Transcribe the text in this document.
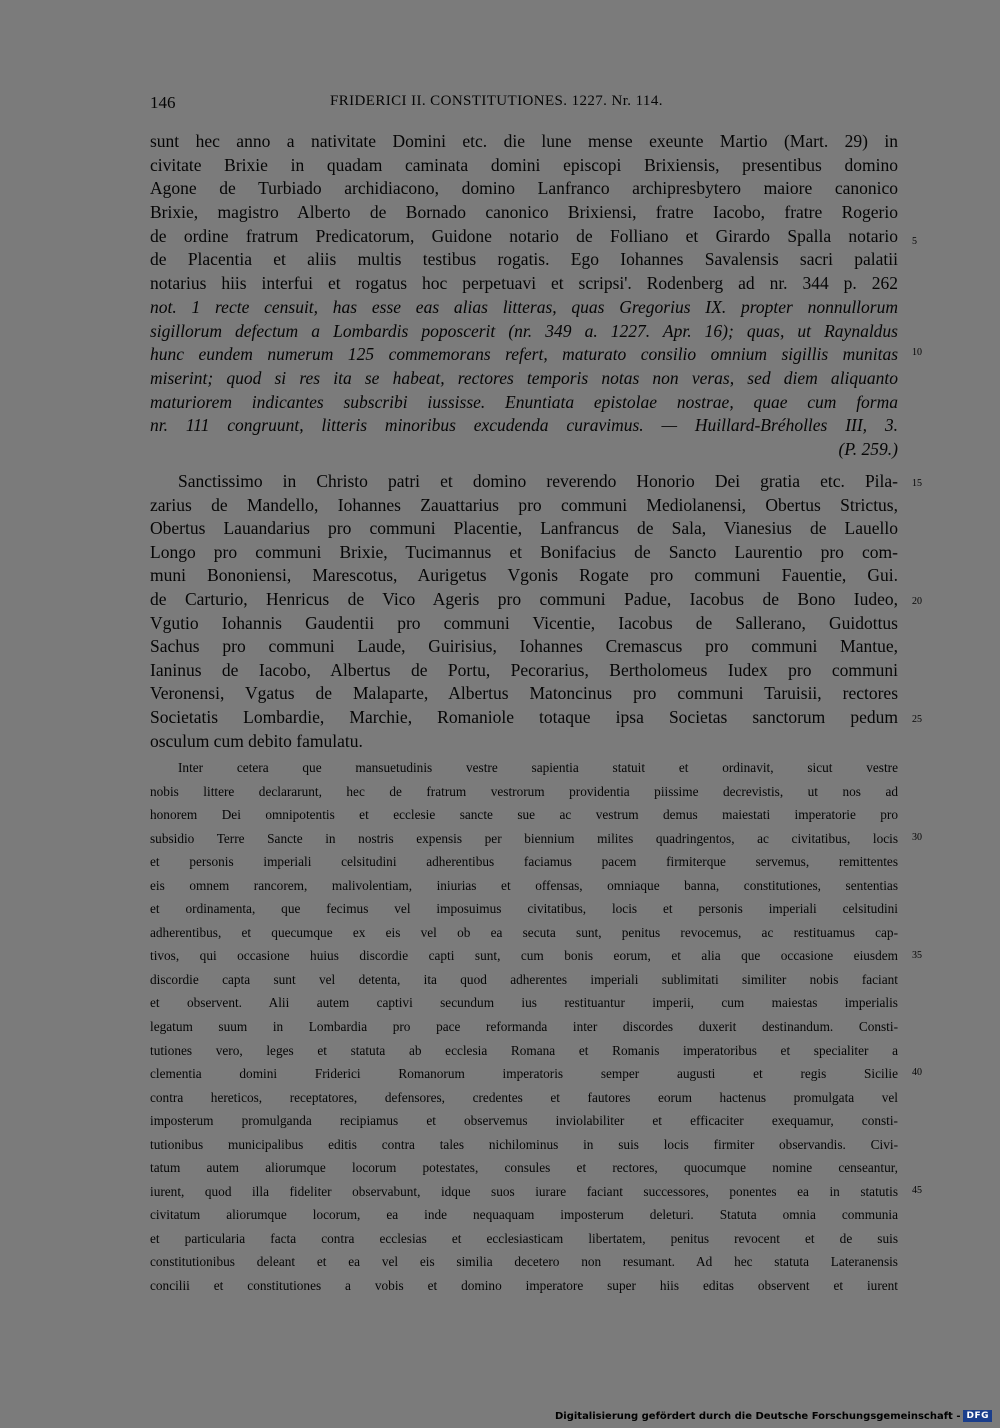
146	FRIDERICI II. CONSTITUTIONES. 1227. Nr. 114.
sunt hec anno a nativitate Domini etc. die lune mense exeunte Martio (Mart. 29) in
civitate Brixie in quadam caminata domini episcopi Brixiensis, presentibus domino
Agone de Turbiado archidiacono, domino Lanfranco archipresbytero maiore canonico
Brixie, magistro Alberto de Bornado canonico Brixiensi, fratre Iacobo, fratre Rogerio
de ordine fratrum Predicatorum, Guidone notario de Folliano et Girardo Spalla notario
de Placentia et aliis multis testibus rogatis. Ego Iohannes Savalensis sacri palatii
notarius hiis interfui et rogatus hoc perpetuavi et scripsi'. Rodenberg ad nr. 344 p. 262
not. 1 recte censuit, has esse eas alias litteras, quas Gregorius IX. propter nonnullorum
sigillorum defectum a Lombardis poposcerit (nr. 349 a. 1227. Apr. 16); quas, ut Raynaldus
hunc eundem numerum 125 commemorans refert, maturato consilio omnium sigillis munitas
miserint; quod si res ita se habeat, rectores temporis notas non veras, sed diem aliquanto
maturiorem indicantes subscribi iussisse. Enuntiata epistolae nostrae, quae cum forma
nr. 111 congruunt, litteris minoribus excudenda curavimus. — Huillard-Bréholles III, 3.
(P. 259.)
Sanctissimo in Christo patri et domino reverendo Honorio Dei gratia etc. Pila-
zarius de Mandello, Iohannes Zauattarius pro communi Mediolanensi, Obertus Strictus,
Obertus Lauandarius pro communi Placentie, Lanfrancus de Sala, Vianesius de Lauello
Longo pro communi Brixie, Tucimannus et Bonifacius de Sancto Laurentio pro com-
muni Bononiensi, Marescotus, Aurigetus Vgonis Rogate pro communi Fauentie, Gui.
de Carturio, Henricus de Vico Ageris pro communi Padue, Iacobus de Bono Iudeo,
Vgutio Iohannis Gaudentii pro communi Vicentie, Iacobus de Sallerano, Guidottus
Sachus pro communi Laude, Guirisius, Iohannes Cremascus pro communi Mantue,
Ianinus de Iacobo, Albertus de Portu, Pecorarius, Bertholomeus Iudex pro communi
Veronensi, Vgatus de Malaparte, Albertus Matoncinus pro communi Taruisii, rectores
Societatis Lombardie, Marchie, Romaniole totaque ipsa Societas sanctorum pedum
osculum cum debito famulatu.
Inter cetera que mansuetudinis vestre sapientia statuit et ordinavit, sicut vestre
nobis littere declararunt, hec de fratrum vestrorum providentia piissime decrevistis, ut nos ad
honorem Dei omnipotentis et ecclesie sancte sue ac vestrum demus maiestati imperatorie pro
subsidio Terre Sancte in nostris expensis per biennium milites quadringentos, ac civitatibus, locis
et personis imperiali celsitudini adherentibus faciamus pacem firmiterque servemus, remittentes
eis omnem rancorem, malivolentiam, iniurias et offensas, omniaque banna, constitutiones, sententias
et ordinamenta, que fecimus vel imposuimus civitatibus, locis et personis imperiali celsitudini
adherentibus, et quecumque ex eis vel ob ea secuta sunt, penitus revocemus, ac restituamus cap-
tivos, qui occasione huius discordie capti sunt, cum bonis eorum, et alia que occasione eiusdem
discordie capta sunt vel detenta, ita quod adherentes imperiali sublimitati similiter nobis faciant
et observent. Alii autem captivi secundum ius restituantur imperii, cum maiestas imperialis
legatum suum in Lombardia pro pace reformanda inter discordes duxerit destinandum. Consti-
tutiones vero, leges et statuta ab ecclesia Romana et Romanis imperatoribus et specialiter a
clementia domini Friderici Romanorum imperatoris semper augusti et regis Sicilie
contra hereticos, receptatores, defensores, credentes et fautores eorum hactenus promulgata vel
imposterum promulganda recipiamus et observemus inviolabiliter et efficaciter exequamur, consti-
tutionibus municipalibus editis contra tales nichilominus in suis locis firmiter observandis. Civi-
tatum autem aliorumque locorum potestates, consules et rectores, quocumque nomine censeantur,
iurent, quod illa fideliter observabunt, idque suos iurare faciant successores, ponentes ea in statutis
civitatum aliorumque locorum, ea inde nequaquam imposterum deleturi. Statuta omnia communia
et particularia facta contra ecclesias et ecclesiasticam libertatem, penitus revocent et de suis
constitutionibus deleant et ea vel eis similia decetero non resumant. Ad hec statuta Lateranensis
concilii et constitutiones a vobis et domino imperatore super hiis editas observent et iurent
5
10
15
20
25
30
35
40
45
Digitalisierung gefördert durch die Deutsche Forschungsgemeinschaft - DFG
